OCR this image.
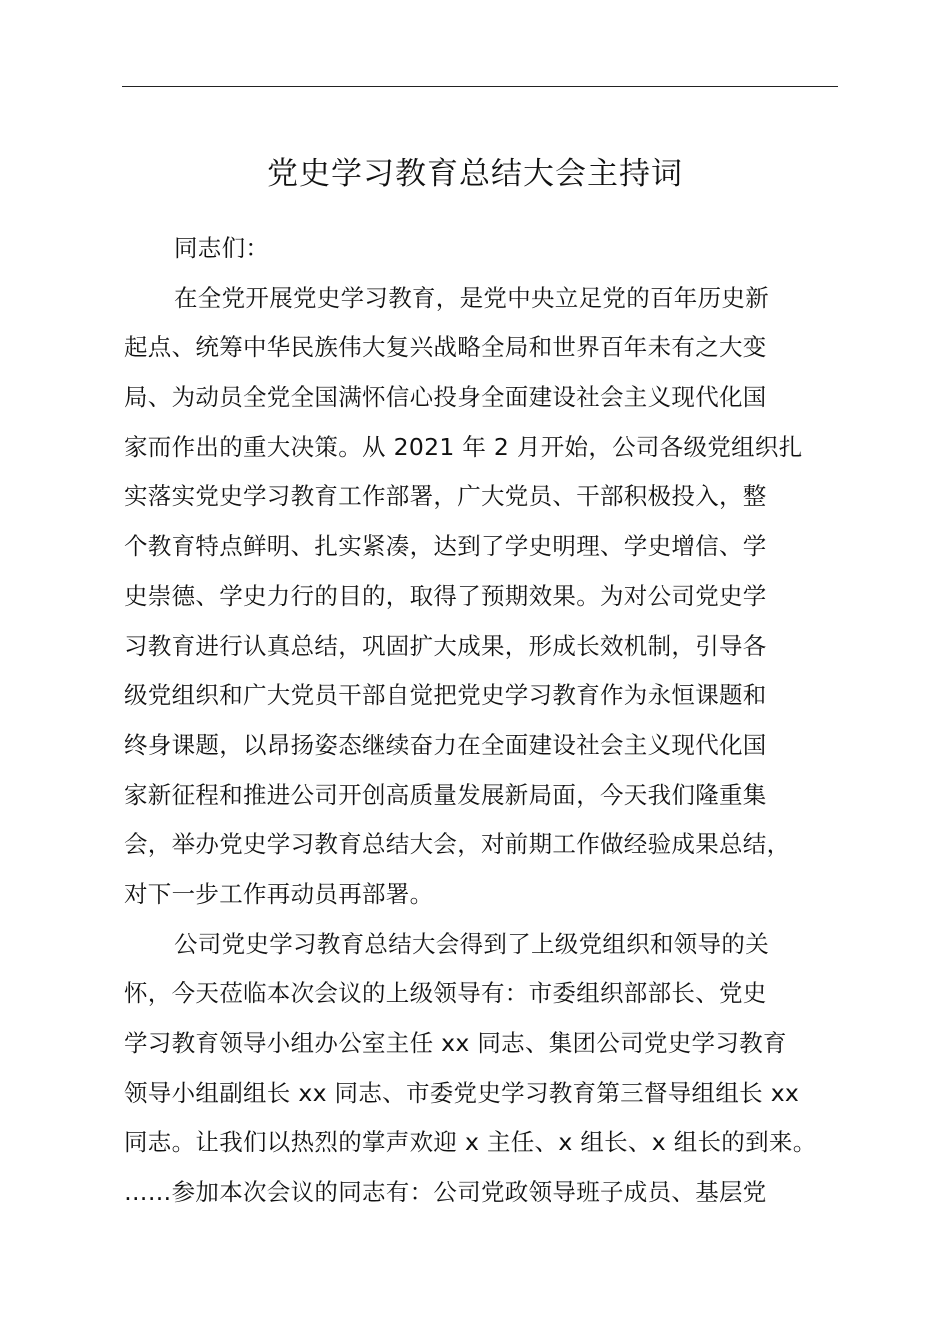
党史学习教育总结大会主持词
同志们：
在全党开展党史学习教育，是党中央立足党的百年历史新
起点、统筹中华民族伟大复兴战略全局和世界百年未有之大变
局、为动员全党全国满怀信心投身全面建设社会主义现代化国
家而作出的重大决策。从 2021 年 2 月开始，公司各级党组织扎
实落实党史学习教育工作部署，广大党员、干部积极投入，整
个教育特点鲜明、扎实紧凑，达到了学史明理、学史增信、学
史崇德、学史力行的目的，取得了预期效果。为对公司党史学
习教育进行认真总结，巩固扩大成果，形成长效机制，引导各
级党组织和广大党员干部自觉把党史学习教育作为永恒课题和
终身课题，以昂扬姿态继续奋力在全面建设社会主义现代化国
家新征程和推进公司开创高质量发展新局面，今天我们隆重集
会，举办党史学习教育总结大会，对前期工作做经验成果总结，
对下一步工作再动员再部署。
公司党史学习教育总结大会得到了上级党组织和领导的关
怀，今天莅临本次会议的上级领导有：市委组织部部长、党史
学习教育领导小组办公室主任 xx 同志、集团公司党史学习教育
领导小组副组长 xx 同志、市委党史学习教育第三督导组组长 xx
同志。让我们以热烈的掌声欢迎 x 主任、x 组长、x 组长的到来。
……参加本次会议的同志有：公司党政领导班子成员、基层党
